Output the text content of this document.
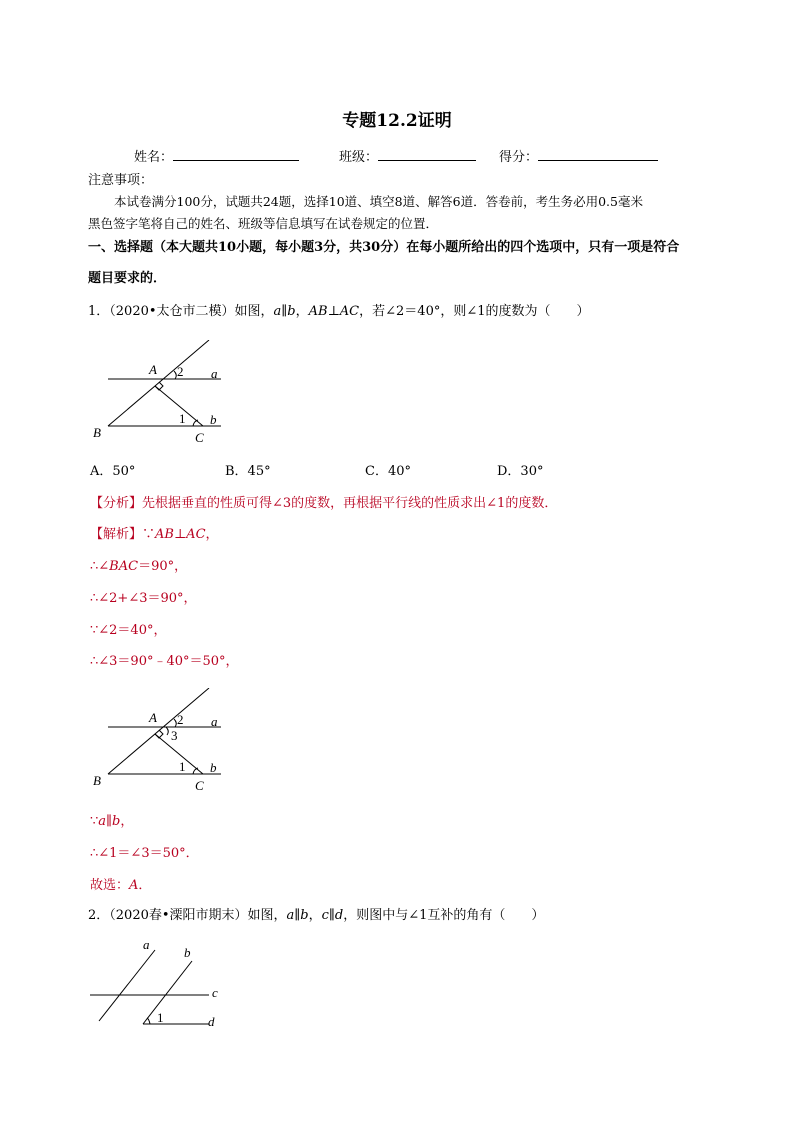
专题12.2证明
姓名：	班级：	得分：
注意事项：
本试卷满分100分，试题共24题，选择10道、填空8道、解答6道．答卷前，考生务必用0.5毫米
黑色签字笔将自己的姓名、班级等信息填写在试卷规定的位置．
一、选择题（本大题共10小题，每小题3分，共30分）在每小题所给出的四个选项中，只有一项是符合
题目要求的．
1．（2020•太仓市二模）如图，a∥b，AB⊥AC，若∠2＝40°，则∠1的度数为（　　）
A 2 a
1 b
B	C
A．50°	B．45°	C．40°	D．30°
【分析】先根据垂直的性质可得∠3的度数，再根据平行线的性质求出∠1的度数．
【解析】∵AB⊥AC，
∴∠BAC＝90°，
∴∠2+∠3＝90°，
∵∠2＝40°，
∴∠3＝90°﹣40°＝50°，
A 2 a
3
1 b
B	C
∵a∥b，
∴∠1＝∠3＝50°．
故选：A．
2．（2020春•溧阳市期末）如图，a∥b，c∥d，则图中与∠1互补的角有（　　）
a
b
c
1	d
